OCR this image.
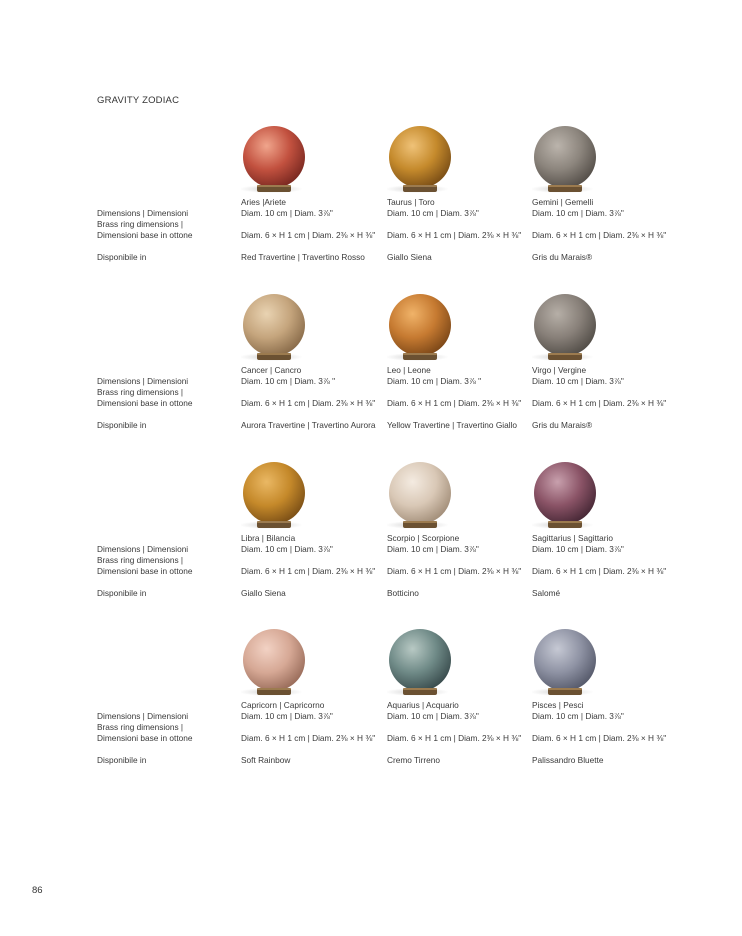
GRAVITY ZODIAC
Dimensions | Dimensioni
Brass ring dimensions |
Dimensioni base in ottone
Disponibile in
Aries |Ariete
Diam. 10 cm | Diam. 3⅞"
Diam. 6 × H 1 cm | Diam. 2⅜ × H ⅜"
Red Travertine | Travertino Rosso
Taurus | Toro
Diam. 10 cm | Diam. 3⅞"
Diam. 6 × H 1 cm | Diam. 2⅜ × H ⅜"
Giallo Siena
Gemini | Gemelli
Diam. 10 cm | Diam. 3⅞"
Diam. 6 × H 1 cm | Diam. 2⅜ × H ⅜"
Gris du Marais®
Dimensions | Dimensioni
Brass ring dimensions |
Dimensioni base in ottone
Disponibile in
Cancer | Cancro
Diam. 10 cm | Diam. 3⅞ "
Diam. 6 × H 1 cm | Diam. 2⅜ × H ⅜"
Aurora Travertine | Travertino Aurora
Leo | Leone
Diam. 10 cm | Diam. 3⅞ "
Diam. 6 × H 1 cm | Diam. 2⅜ × H ⅜"
Yellow Travertine | Travertino Giallo
Virgo | Vergine
Diam. 10 cm | Diam. 3⅞"
Diam. 6 × H 1 cm | Diam. 2⅜ × H ⅜"
Gris du Marais®
Dimensions | Dimensioni
Brass ring dimensions |
Dimensioni base in ottone
Disponibile in
Libra | Bilancia
Diam. 10 cm | Diam. 3⅞"
Diam. 6 × H 1 cm | Diam. 2⅜ × H ⅜"
Giallo Siena
Scorpio | Scorpione
Diam. 10 cm | Diam. 3⅞"
Diam. 6 × H 1 cm | Diam. 2⅜ × H ⅜"
Botticino
Sagittarius | Sagittario
Diam. 10 cm | Diam. 3⅞"
Diam. 6 × H 1 cm | Diam. 2⅜ × H ⅜"
Salomé
Dimensions | Dimensioni
Brass ring dimensions |
Dimensioni base in ottone
Disponibile in
Capricorn | Capricorno
Diam. 10 cm | Diam. 3⅞"
Diam. 6 × H 1 cm | Diam. 2⅜ × H ⅜"
Soft Rainbow
Aquarius | Acquario
Diam. 10 cm | Diam. 3⅞"
Diam. 6 × H 1 cm | Diam. 2⅜ × H ⅜"
Cremo Tirreno
Pisces | Pesci
Diam. 10 cm | Diam. 3⅞"
Diam. 6 × H 1 cm | Diam. 2⅜ × H ⅜"
Palissandro Bluette
86
